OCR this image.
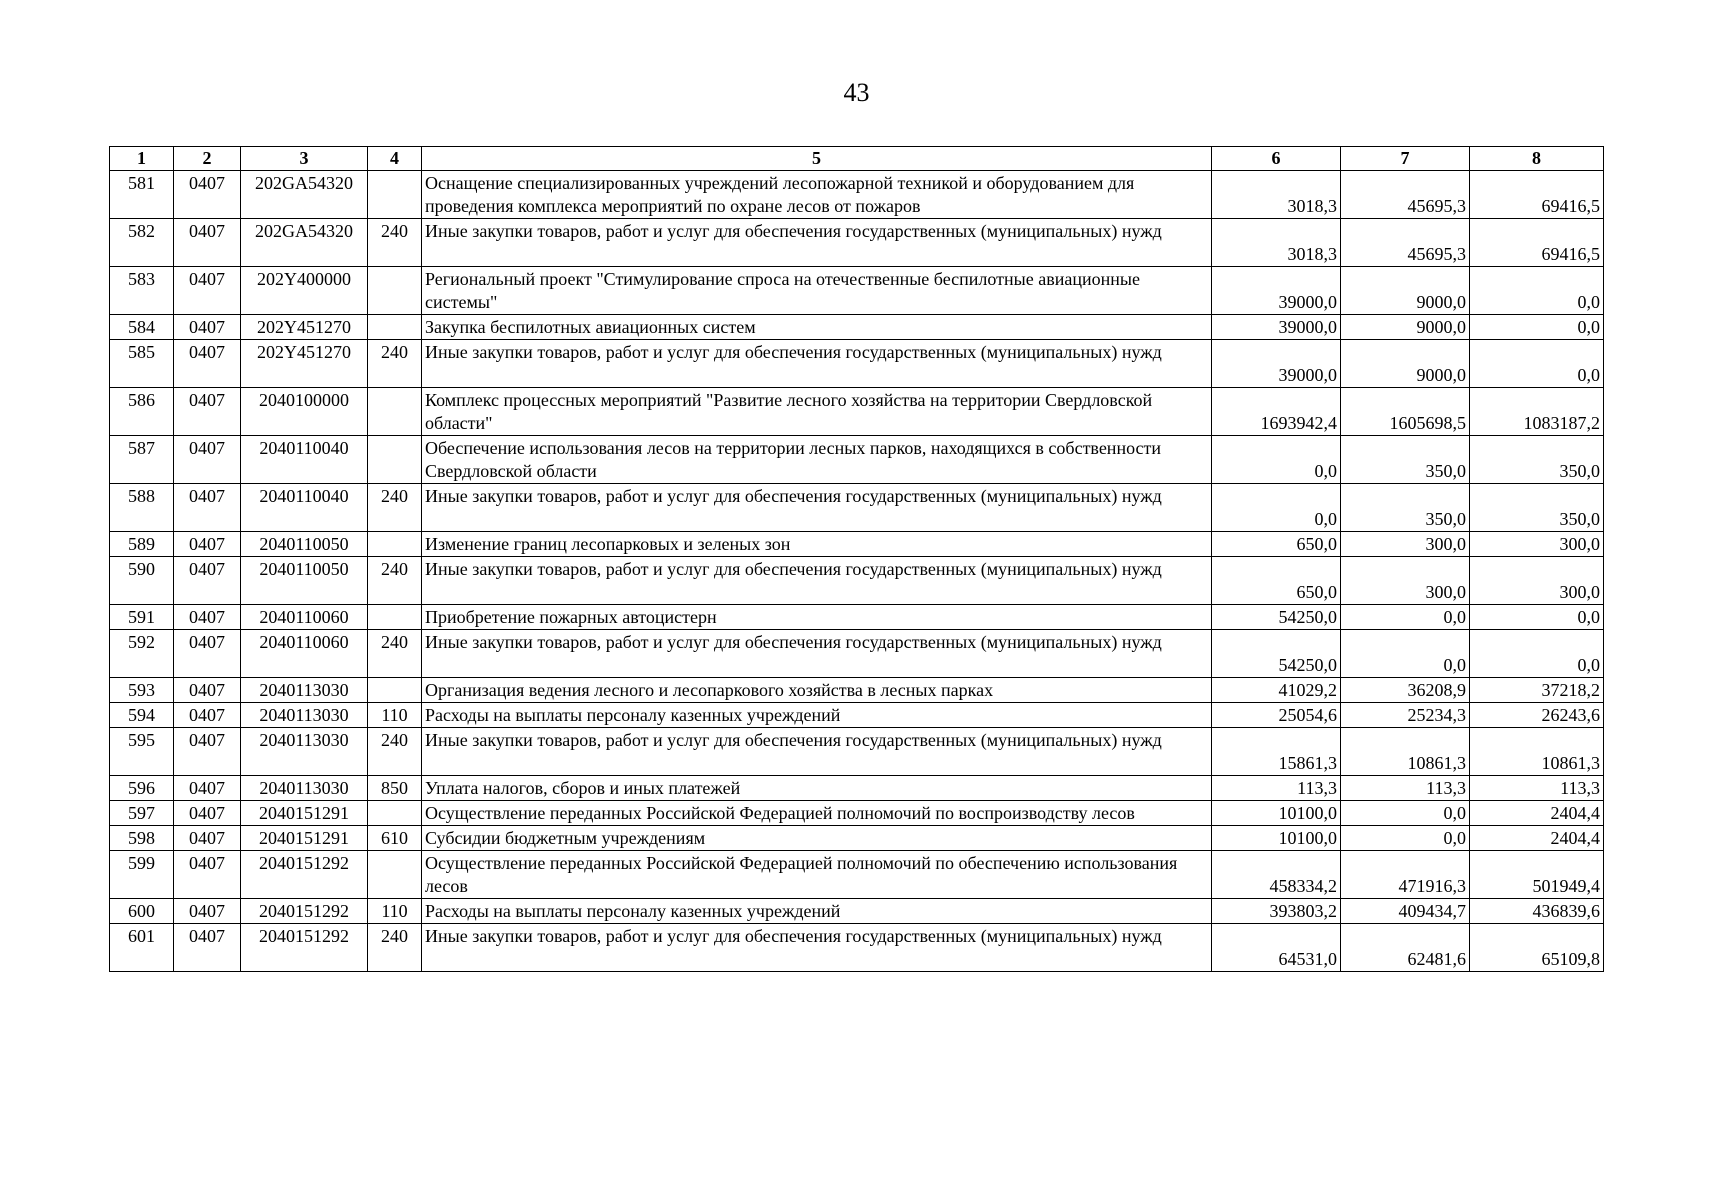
43
1	2	3	4	5	6	7	8
581	0407	202GA54320		Оснащение специализированных учреждений лесопожарной техникой и оборудованием для проведения комплекса мероприятий по охране лесов от пожаров	3018,3	45695,3	69416,5
582	0407	202GA54320	240	Иные закупки товаров, работ и услуг для обеспечения государственных (муниципальных) нужд	3018,3	45695,3	69416,5
583	0407	202Y400000		Региональный проект "Стимулирование спроса на отечественные беспилотные авиационные системы"	39000,0	9000,0	0,0
584	0407	202Y451270		Закупка беспилотных авиационных систем	39000,0	9000,0	0,0
585	0407	202Y451270	240	Иные закупки товаров, работ и услуг для обеспечения государственных (муниципальных) нужд	39000,0	9000,0	0,0
586	0407	2040100000		Комплекс процессных мероприятий "Развитие лесного хозяйства на территории Свердловской области"	1693942,4	1605698,5	1083187,2
587	0407	2040110040		Обеспечение использования лесов на территории лесных парков, находящихся в собственности Свердловской области	0,0	350,0	350,0
588	0407	2040110040	240	Иные закупки товаров, работ и услуг для обеспечения государственных (муниципальных) нужд	0,0	350,0	350,0
589	0407	2040110050		Изменение границ лесопарковых и зеленых зон	650,0	300,0	300,0
590	0407	2040110050	240	Иные закупки товаров, работ и услуг для обеспечения государственных (муниципальных) нужд	650,0	300,0	300,0
591	0407	2040110060		Приобретение пожарных автоцистерн	54250,0	0,0	0,0
592	0407	2040110060	240	Иные закупки товаров, работ и услуг для обеспечения государственных (муниципальных) нужд	54250,0	0,0	0,0
593	0407	2040113030		Организация ведения лесного и лесопаркового хозяйства в лесных парках	41029,2	36208,9	37218,2
594	0407	2040113030	110	Расходы на выплаты персоналу казенных учреждений	25054,6	25234,3	26243,6
595	0407	2040113030	240	Иные закупки товаров, работ и услуг для обеспечения государственных (муниципальных) нужд	15861,3	10861,3	10861,3
596	0407	2040113030	850	Уплата налогов, сборов и иных платежей	113,3	113,3	113,3
597	0407	2040151291		Осуществление переданных Российской Федерацией полномочий по воспроизводству лесов	10100,0	0,0	2404,4
598	0407	2040151291	610	Субсидии бюджетным учреждениям	10100,0	0,0	2404,4
599	0407	2040151292		Осуществление переданных Российской Федерацией полномочий по обеспечению использования лесов	458334,2	471916,3	501949,4
600	0407	2040151292	110	Расходы на выплаты персоналу казенных учреждений	393803,2	409434,7	436839,6
601	0407	2040151292	240	Иные закупки товаров, работ и услуг для обеспечения государственных (муниципальных) нужд	64531,0	62481,6	65109,8
